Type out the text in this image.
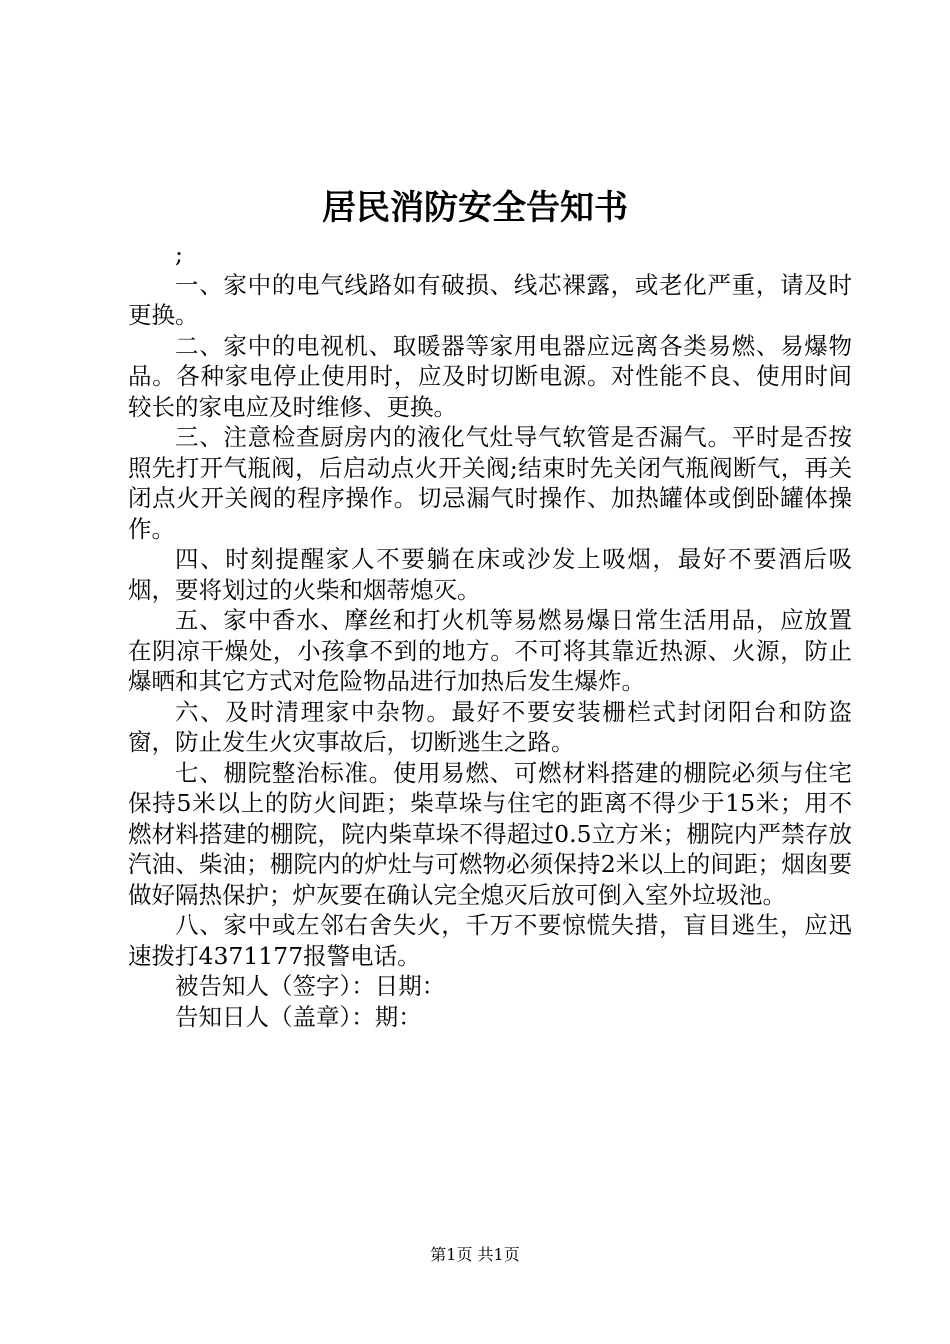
居民消防安全告知书

;

一、家中的电气线路如有破损、线芯裸露，或老化严重，请及时更换。

二、家中的电视机、取暖器等家用电器应远离各类易燃、易爆物品。各种家电停止使用时，应及时切断电源。对性能不良、使用时间较长的家电应及时维修、更换。

三、注意检查厨房内的液化气灶导气软管是否漏气。平时是否按照先打开气瓶阀，后启动点火开关阀;结束时先关闭气瓶阀断气，再关闭点火开关阀的程序操作。切忌漏气时操作、加热罐体或倒卧罐体操作。

四、时刻提醒家人不要躺在床或沙发上吸烟，最好不要酒后吸烟，要将划过的火柴和烟蒂熄灭。

五、家中香水、摩丝和打火机等易燃易爆日常生活用品，应放置在阴凉干燥处，小孩拿不到的地方。不可将其靠近热源、火源，防止爆晒和其它方式对危险物品进行加热后发生爆炸。

六、及时清理家中杂物。最好不要安装栅栏式封闭阳台和防盗窗，防止发生火灾事故后，切断逃生之路。

七、棚院整治标准。使用易燃、可燃材料搭建的棚院必须与住宅保持5米以上的防火间距；柴草垛与住宅的距离不得少于15米；用不燃材料搭建的棚院，院内柴草垛不得超过0.5立方米；棚院内严禁存放汽油、柴油；棚院内的炉灶与可燃物必须保持2米以上的间距；烟囱要做好隔热保护；炉灰要在确认完全熄灭后放可倒入室外垃圾池。

八、家中或左邻右舍失火，千万不要惊慌失措，盲目逃生，应迅速拨打4371177报警电话。

被告知人（签字）：日期：

告知日人（盖章）：期：

第1页 共1页
